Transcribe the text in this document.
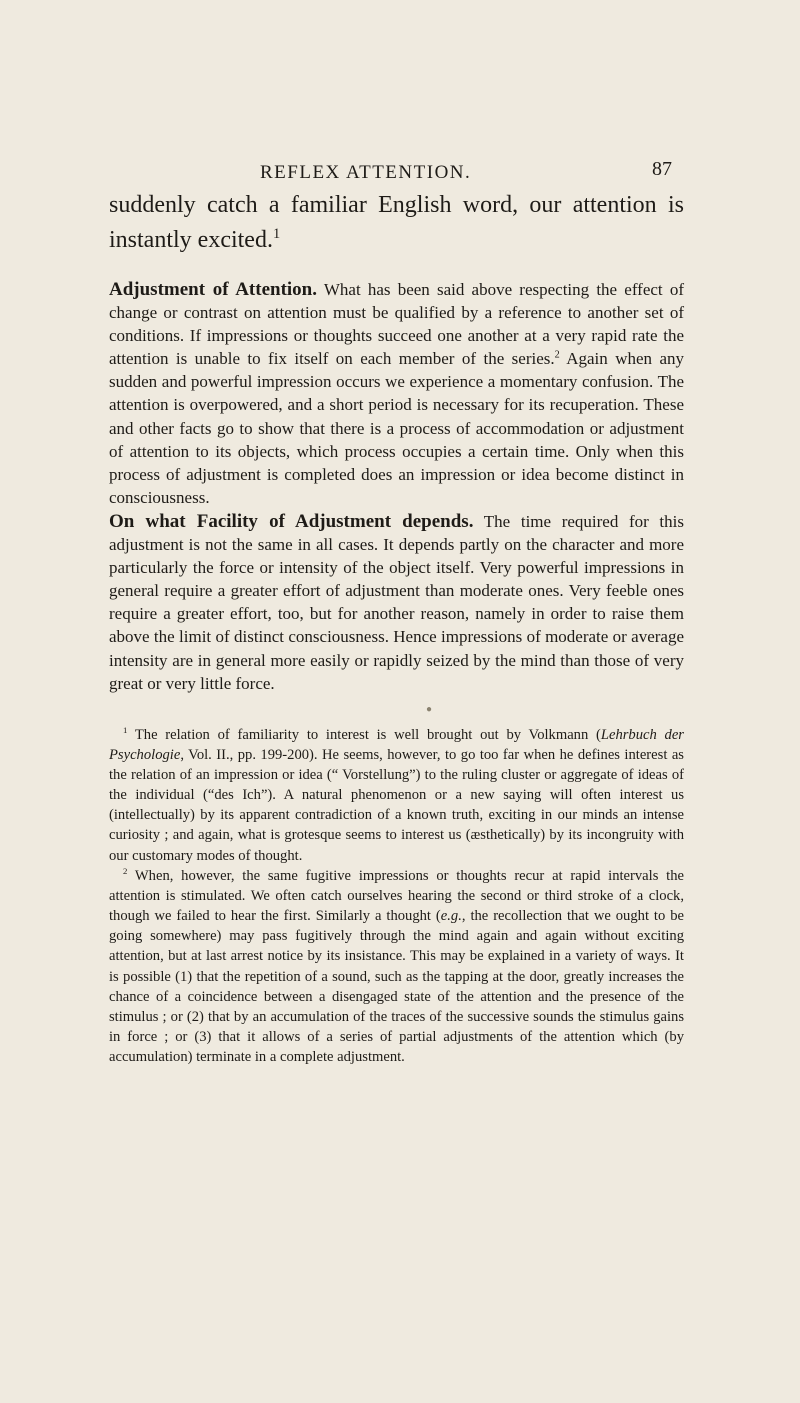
REFLEX ATTENTION.	87

suddenly catch a familiar English word, our attention is instantly excited.$^1$

Adjustment of Attention. What has been said above respecting the effect of change or contrast on attention must be qualified by a reference to another set of conditions. If impressions or thoughts succeed one another at a very rapid rate the attention is unable to fix itself on each member of the series.$^2$ Again when any sudden and powerful impression occurs we experience a momentary confusion. The attention is overpowered, and a short period is necessary for its recuperation. These and other facts go to show that there is a process of accommodation or adjustment of attention to its objects, which process occupies a certain time. Only when this process of adjustment is completed does an impression or idea become distinct in consciousness.

On what Facility of Adjustment depends. The time required for this adjustment is not the same in all cases. It depends partly on the character and more particularly the force or intensity of the object itself. Very powerful impressions in general require a greater effort of adjustment than moderate ones. Very feeble ones require a greater effort, too, but for another reason, namely in order to raise them above the limit of distinct consciousness. Hence impressions of moderate or average intensity are in general more easily or rapidly seized by the mind than those of very great or very little force.

●

$^1$ The relation of familiarity to interest is well brought out by Volkmann (Lehrbuch der Psychologie, Vol. II., pp. 199-200). He seems, however, to go too far when he defines interest as the relation of an impression or idea (“ Vorstellung”) to the ruling cluster or aggregate of ideas of the individual (“des Ich”). A natural phenomenon or a new saying will often interest us (intellectually) by its apparent contradiction of a known truth, exciting in our minds an intense curiosity ; and again, what is grotesque seems to interest us (æsthetically) by its incongruity with our customary modes of thought.

$^2$ When, however, the same fugitive impressions or thoughts recur at rapid intervals the attention is stimulated. We often catch ourselves hearing the second or third stroke of a clock, though we failed to hear the first. Similarly a thought (e.g., the recollection that we ought to be going somewhere) may pass fugitively through the mind again and again without exciting attention, but at last arrest notice by its insistance. This may be explained in a variety of ways. It is possible (1) that the repetition of a sound, such as the tapping at the door, greatly increases the chance of a coincidence between a disengaged state of the attention and the presence of the stimulus ; or (2) that by an accumulation of the traces of the successive sounds the stimulus gains in force ; or (3) that it allows of a series of partial adjustments of the attention which (by accumulation) terminate in a complete adjustment.
